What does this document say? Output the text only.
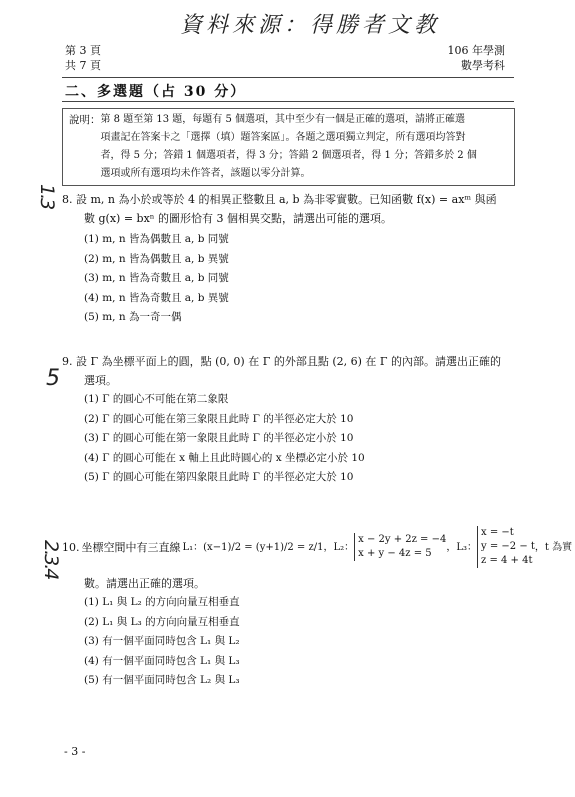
資料來源：得勝者文教
第 3 頁
共 7 頁
106 年學測
數學考科
二、多選題（占 30 分）
說明： 第 8 題至第 13 題，每題有 5 個選項，其中至少有一個是正確的選項，請將正確選
項畫記在答案卡之「選擇（填）題答案區」。各題之選項獨立判定，所有選項均答對
者，得 5 分；答錯 1 個選項者，得 3 分；答錯 2 個選項者，得 1 分；答錯多於 2 個
選項或所有選項均未作答者，該題以零分計算。
1.3 8. 設 m, n 為小於或等於 4 的相異正整數且 a, b 為非零實數。已知函數 f(x) = axᵐ 與函
數 g(x) = bxⁿ 的圖形恰有 3 個相異交點，請選出可能的選項。
(1) m, n 皆為偶數且 a, b 同號
(2) m, n 皆為偶數且 a, b 異號
(3) m, n 皆為奇數且 a, b 同號
(4) m, n 皆為奇數且 a, b 異號
(5) m, n 為一奇一偶
5
9. 設 Γ 為坐標平面上的圓，點 (0, 0) 在 Γ 的外部且點 (2, 6) 在 Γ 的內部。請選出正確的
選項。
(1) Γ 的圓心不可能在第二象限
(2) Γ 的圓心可能在第三象限且此時 Γ 的半徑必定大於 10
(3) Γ 的圓心可能在第一象限且此時 Γ 的半徑必定小於 10
(4) Γ 的圓心可能在 x 軸上且此時圓心的 x 坐標必定小於 10
(5) Γ 的圓心可能在第四象限且此時 Γ 的半徑必定大於 10
2.3.4 10. 坐標空間中有三直線 L₁： (x−1)/2 = (y+1)/2 = z/1 ，L₂：
x − 2y + 2z = −4
x + y − 4z = 5
，L₃：
x = −t
y = −2 − t
z = 4 + 4t
，t 為實
數。請選出正確的選項。
(1) L₁ 與 L₂ 的方向向量互相垂直
(2) L₁ 與 L₃ 的方向向量互相垂直
(3) 有一個平面同時包含 L₁ 與 L₂
(4) 有一個平面同時包含 L₁ 與 L₃
(5) 有一個平面同時包含 L₂ 與 L₃
- 3 -
